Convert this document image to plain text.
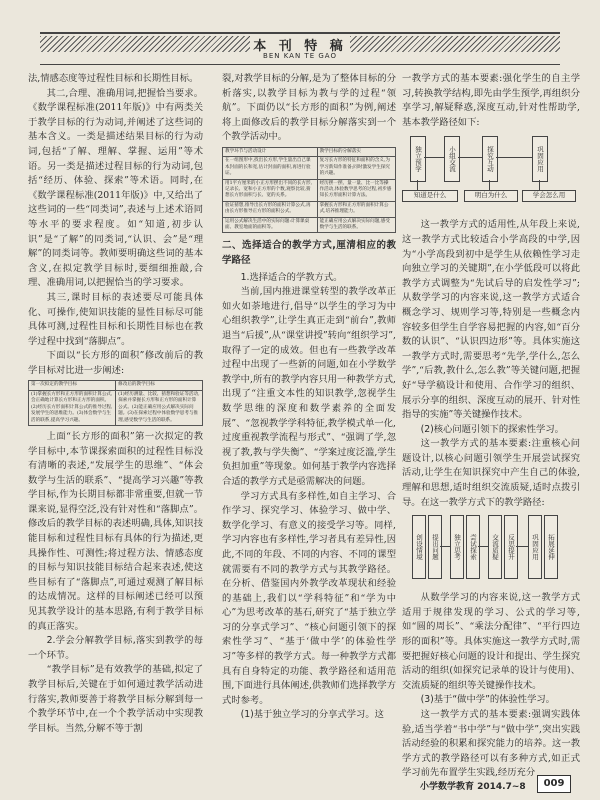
本 刊 特 稿
BEN KAN TE GAO

法,情感态度等过程性目标和长期性目标。

其二,合理、准确用词,把握恰当要求。《数学课程标准(2011年版)》中有两类关于教学目标的行为动词,并阐述了这些词的基本含义。一类是描述结果目标的行为动词,包括“了解、理解、掌握、运用”等术语。另一类是描述过程目标的行为动词,包括“经历、体验、探索”等术语。同时,在《数学课程标准(2011年版)》中,又给出了这些词的一些“同类词”,表述与上述术语同等水平的要求程度。如“知道,初步认识”是“了解”的同类词,“认识、会”是“理解”的同类词等。教师要明确这些词的基本含义,在拟定教学目标时,要细细推敲,合理、准确用词,以把握恰当的学习要求。

其三,课时目标的表述要尽可能具体化、可操作,使知识技能的显性目标尽可能具体可测,过程性目标和长期性目标也在教学过程中找到“落脚点”。

下面以“长方形的面积”修改前后的教学目标对比进一步阐述:

第一次拟定的教学目标	修改后的教学目标
(1)掌握长方形和正方形的面积计算公式,会正确地计算长方形和正方形的面积。(2)经历长方形面积计算公式的推导过程,发展学生的思维能力。(3)体会数学与生活的联系,提高学习兴趣。	(1)经历测量、比较、猜想和验证等活动,探索并掌握长方形和正方形的面积计算公式。(2)能正确应用公式解决实际问题。(3)在探索过程中体验数学思考与推理,感受数学与生活的联系。

上面“长方形的面积”第一次拟定的教学目标中,本节课探索面积的过程性目标没有清晰的表述,“发展学生的思维”、“体会数学与生活的联系”、“提高学习兴趣”等教学目标,作为长期目标都非常重要,但就一节课来说,显得空泛,没有针对性和“落脚点”。修改后的教学目标的表述明确,具体,知识技能目标和过程性目标有具体的行为描述,更具操作性、可测性;将过程方法、情感态度的目标与知识技能目标结合起来表述,使这些目标有了“落脚点”,可通过观测了解目标的达成情况。这样的目标阐述已经可以预见其教学设计的基本思路,有利于教学目标的真正落实。

2.学会分解教学目标,落实到教学的每一个环节。

“教学目标”是有效教学的基础,拟定了教学目标后,关键在于如何通过教学活动进行落实,教师要善于将教学目标分解到每一个教学环节中,在一个个教学活动中实现教学目标。当然,分解不等于割

裂,对教学目标的分解,是为了整体目标的分析落实,以教学目标为教与学的过程“领航”。下面仍以“长方形的面积”为例,阐述将上面修改后的教学目标分解落实到一个个教学活动中。

教学环节与活动设计	教学目标的分解落实
在一组图形中,找出长方形,学生量出自己课本封面的长和宽,估计封面的面积,再进行验证。	复习长方形的特征和面积的含义,为学习新知作准备;同时激发学生探究的兴趣。
用1平方厘米的小正方形摆出不同的长方形,记录长、宽和小正方形的个数,观察比较,猜想长方形面积与长、宽的关系。	经历摆一摆、量一量、比一比等操作活动,体验数学思考的过程,初步感知长方形面积计算方法。
验证猜想,推导出长方形的面积计算公式,再由长方形推导正方形的面积公式。	掌握长方形和正方形的面积计算公式,培养推理能力。
运用公式解决生活中的实际问题:计算课桌面、教室地面的面积等。	能正确应用公式解决实际问题,感受数学与生活的联系。

二、选择适合的教学方式,厘清相应的教学路径

1.选择适合的学教方式。

当前,国内推进课堂转型的教学改革正如火如荼地进行,倡导“以学生的学习为中心组织教学”,让学生真正走到“前台”,教师退当“后援”,从“课堂讲授”转向“组织学习”,取得了一定的成效。但也有一些教学改革过程中出现了一些新的问题,如在小学数学教学中,所有的教学内容只用一种教学方式,出现了“注重文本性的知识教学,忽视学生数学思维的深度和数学素养的全面发展”、“忽视教学学科特征,教学模式单一化,过度重视教学流程与形式”、“强调了学,忽视了教,教与学失衡”、“学案过度泛滥,学生负担加重”等现象。如何基于教学内容选择合适的教学方式是亟需解决的问题。

学习方式具有多样性,如自主学习、合作学习、探究学习、体验学习、做中学、数学化学习、有意义的接受学习等。同样,学习内容也有多样性,学习者具有差异性,因此,不同的年段、不同的内容、不同的课型就需要有不同的教学方式与其教学路径。在分析、借鉴国内外教学改革现状和经验的基础上,我们以“学科特征”和“学为中心”为思考改革的基石,研究了“基于独立学习的分享式学习”、“核心问题引领下的探索性学习”、“基于‘做中学’的体验性学习”等多样的教学方式。每一种教学方式都具有自身特定的功能、教学路径和适用范围,下面进行具体阐述,供教师们选择教学方式时参考。

(1)基于独立学习的分享式学习。这

一教学方式的基本要素:强化学生的自主学习,转换教学结构,即先由学生预学,再组织分享学习,解疑释惑,深度互动,针对性帮助学,基本教学路径如下:

独立预学	小组交流	探究互动	巩固应用
知道是什么	明白为什么	学会怎么用

这一教学方式的适用性,从年段上来说,这一教学方式比较适合小学高段的中学,因为“小学高段到初中是学生从依赖性学习走向独立学习的关键期”,在小学低段可以将此教学方式调整为“先试后导的启发性学习”;从数学学习的内容来说,这一教学方式适合概念学习、规则学习等,特别是一些概念内容较多但学生自学容易把握的内容,如“百分数的认识”、“认识四边形”等。具体实施这一教学方式时,需要思考“先学,学什么,怎么学”,“后教,教什么,怎么教”等关键问题,把握好“导学稿设计和使用、合作学习的组织、展示分享的组织、深度互动的展开、针对性指导的实施”等关键操作技术。

(2)核心问题引领下的探索性学习。

这一教学方式的基本要素:注重核心问题设计,以核心问题引领学生开展尝试探究活动,让学生在知识探究中产生自己的体验,理解和思想,适时组织交流质疑,适时点拨引导。在这一教学方式下的教学路径:

创设情境	提出问题	独立思考	尝试探索	交流质疑	反思提升	巩固应用	拓展延伸

从数学学习的内容来说,这一教学方式适用于规律发现的学习、公式的学习等,如“圆的周长”、“乘法分配律”、“平行四边形的面积”等。具体实施这一教学方式时,需要把握好核心问题的设计和提出、学生探究活动的组织(如探究记录单的设计与使用)、交流质疑的组织等关键操作技术。

(3)基于“做中学”的体验性学习。

这一教学方式的基本要素:强调实践体验,适当学着“书中学”与“做中学”,突出实践活动经验的积累和探究能力的培养。这一教学方式的教学路径可以有多种方式,如正式学习前先布置学生实践,经历充分

小学数学教育 2014.7~8	009
